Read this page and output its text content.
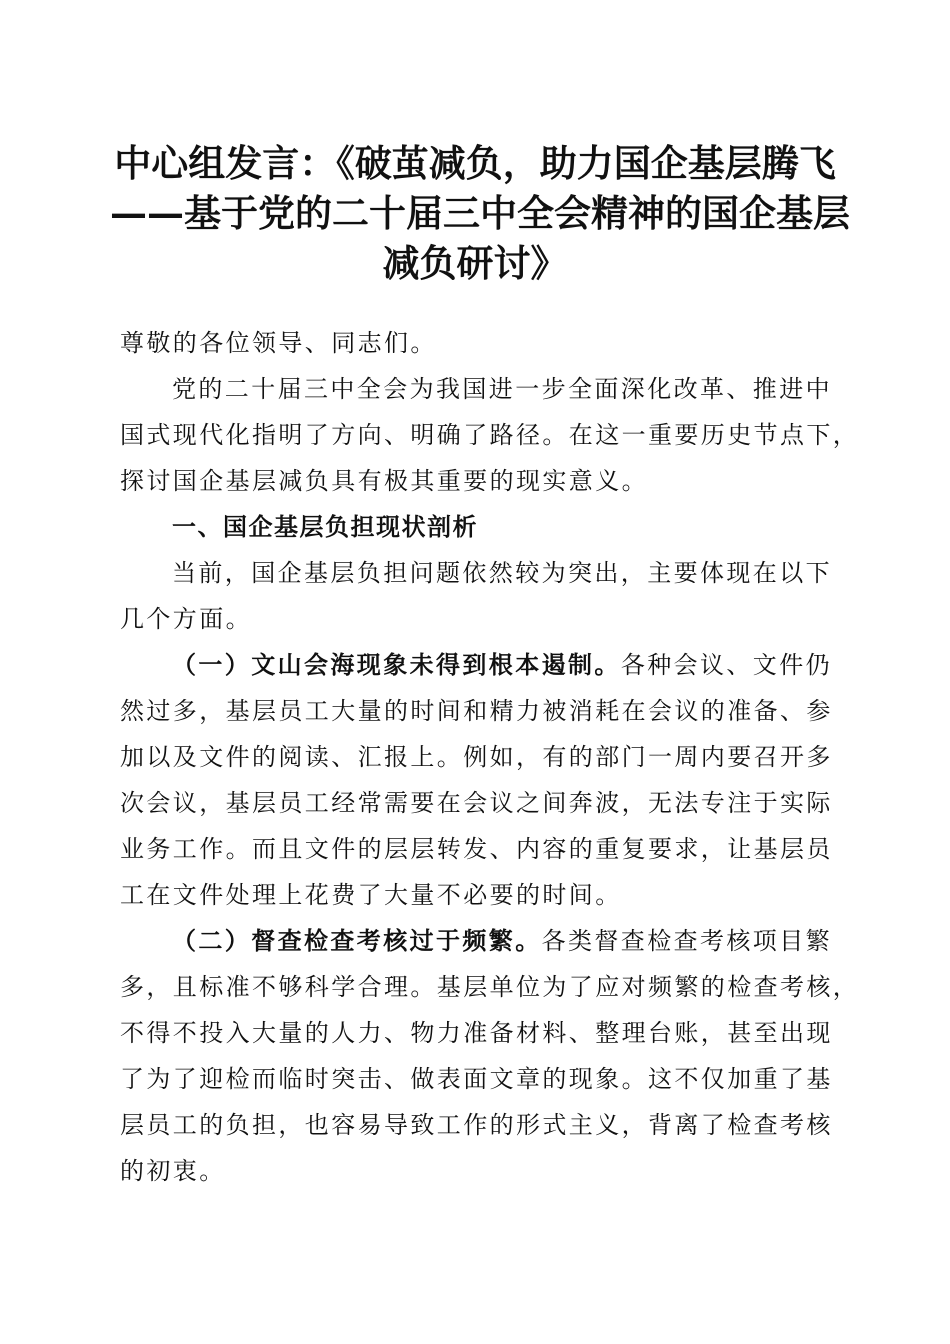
中心组发言：《破茧减负，助力国企基层腾飞
——基于党的二十届三中全会精神的国企基层
减负研讨》
尊敬的各位领导、同志们。
党的二十届三中全会为我国进一步全面深化改革、推进中
国式现代化指明了方向、明确了路径。在这一重要历史节点下，
探讨国企基层减负具有极其重要的现实意义。
一、国企基层负担现状剖析
当前，国企基层负担问题依然较为突出，主要体现在以下
几个方面。
（一）文山会海现象未得到根本遏制。各种会议、文件仍
然过多，基层员工大量的时间和精力被消耗在会议的准备、参
加以及文件的阅读、汇报上。例如，有的部门一周内要召开多
次会议，基层员工经常需要在会议之间奔波，无法专注于实际
业务工作。而且文件的层层转发、内容的重复要求，让基层员
工在文件处理上花费了大量不必要的时间。
（二）督查检查考核过于频繁。各类督查检查考核项目繁
多，且标准不够科学合理。基层单位为了应对频繁的检查考核，
不得不投入大量的人力、物力准备材料、整理台账，甚至出现
了为了迎检而临时突击、做表面文章的现象。这不仅加重了基
层员工的负担，也容易导致工作的形式主义，背离了检查考核
的初衷。
